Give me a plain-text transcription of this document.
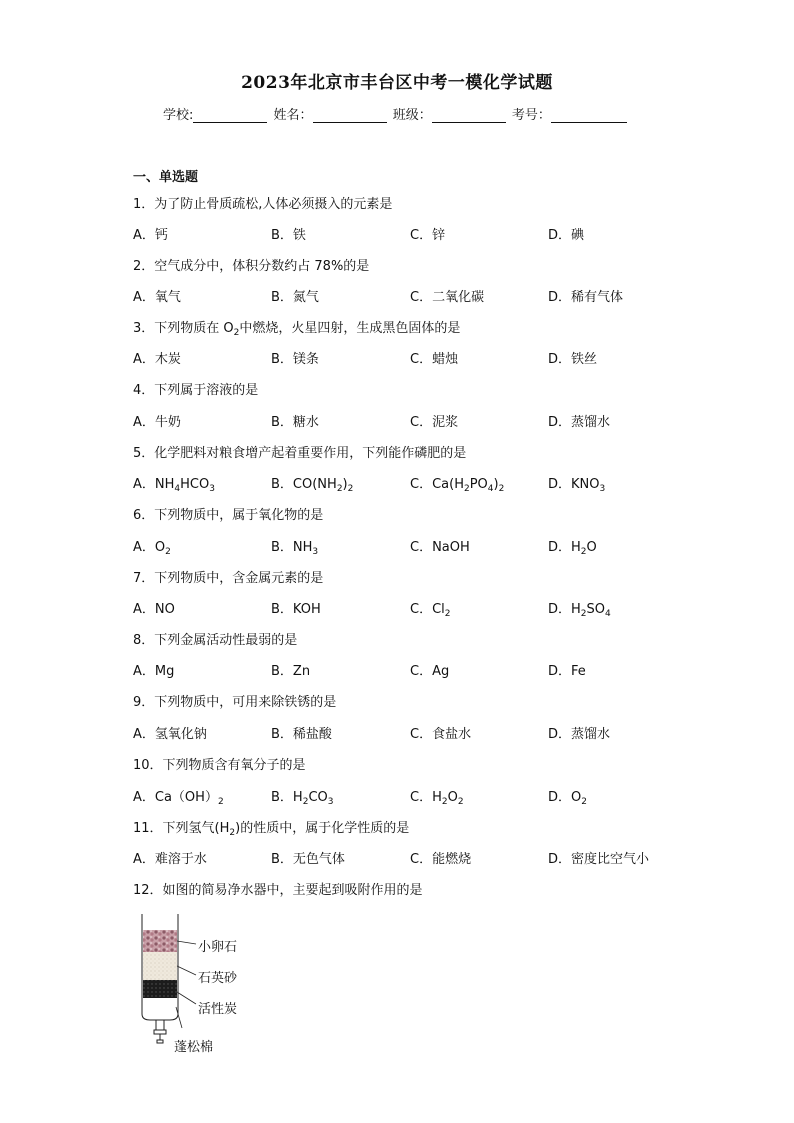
2023年北京市丰台区中考一模化学试题
学校:	姓名：	班级：	考号：
一、单选题
1．为了防止骨质疏松,人体必须摄入的元素是
A．钙	B．铁	C．锌	D．碘
2．空气成分中，体积分数约占 78%的是
A．氧气	B．氮气	C．二氧化碳	D．稀有气体
3．下列物质在 $O_2$中燃烧，火星四射，生成黑色固体的是
A．木炭	B．镁条	C．蜡烛	D．铁丝
4．下列属于溶液的是
A．牛奶	B．糖水	C．泥浆	D．蒸馏水
5．化学肥料对粮食增产起着重要作用，下列能作磷肥的是
A．$NH_4HCO_3$	B．$CO(NH_2)_2$	C．$Ca(H_2PO_4)_2$	D．$KNO_3$
6．下列物质中，属于氧化物的是
A．$O_2$	B．$NH_3$	C．NaOH	D．$H_2O$
7．下列物质中，含金属元素的是
A．NO	B．KOH	C．$Cl_2$	D．$H_2SO_4$
8．下列金属活动性最弱的是
A．Mg	B．Zn	C．Ag	D．Fe
9．下列物质中，可用来除铁锈的是
A．氢氧化钠	B．稀盐酸	C．食盐水	D．蒸馏水
10．下列物质含有氧分子的是
A．$Ca(OH)_2$	B．$H_2CO_3$	C．$H_2O_2$	D．$O_2$
11．下列氢气$(H_2)$的性质中，属于化学性质的是
A．难溶于水	B．无色气体	C．能燃烧	D．密度比空气小
12．如图的简易净水器中，主要起到吸附作用的是
小卵石
石英砂
活性炭
蓬松棉
